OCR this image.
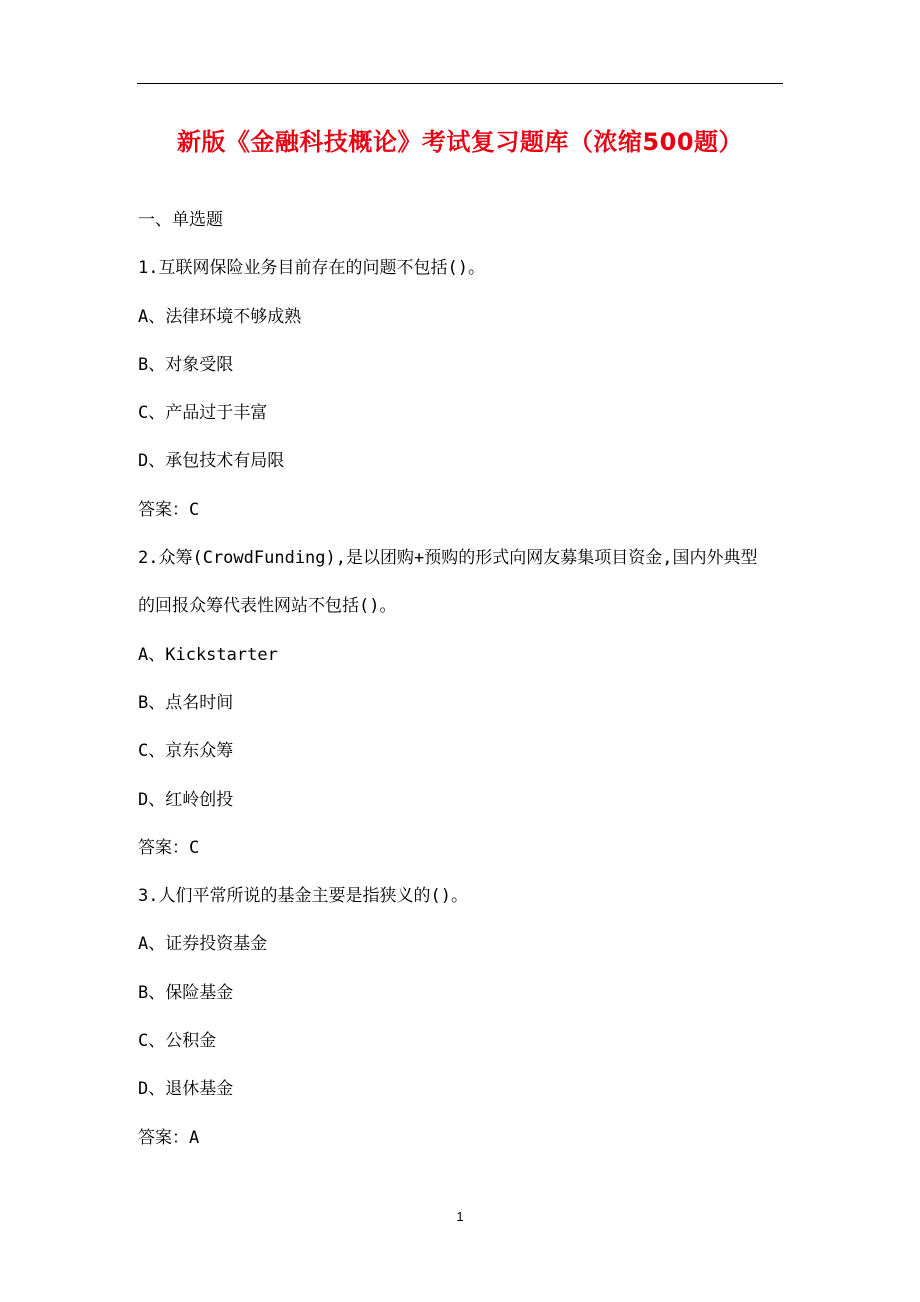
新版《金融科技概论》考试复习题库（浓缩500题）
一、单选题
1.互联网保险业务目前存在的问题不包括()。
A、法律环境不够成熟
B、对象受限
C、产品过于丰富
D、承包技术有局限
答案：C
2.众筹(CrowdFunding),是以团购+预购的形式向网友募集项目资金,国内外典型
的回报众筹代表性网站不包括()。
A、Kickstarter
B、点名时间
C、京东众筹
D、红岭创投
答案：C
3.人们平常所说的基金主要是指狭义的()。
A、证券投资基金
B、保险基金
C、公积金
D、退休基金
答案：A
1
